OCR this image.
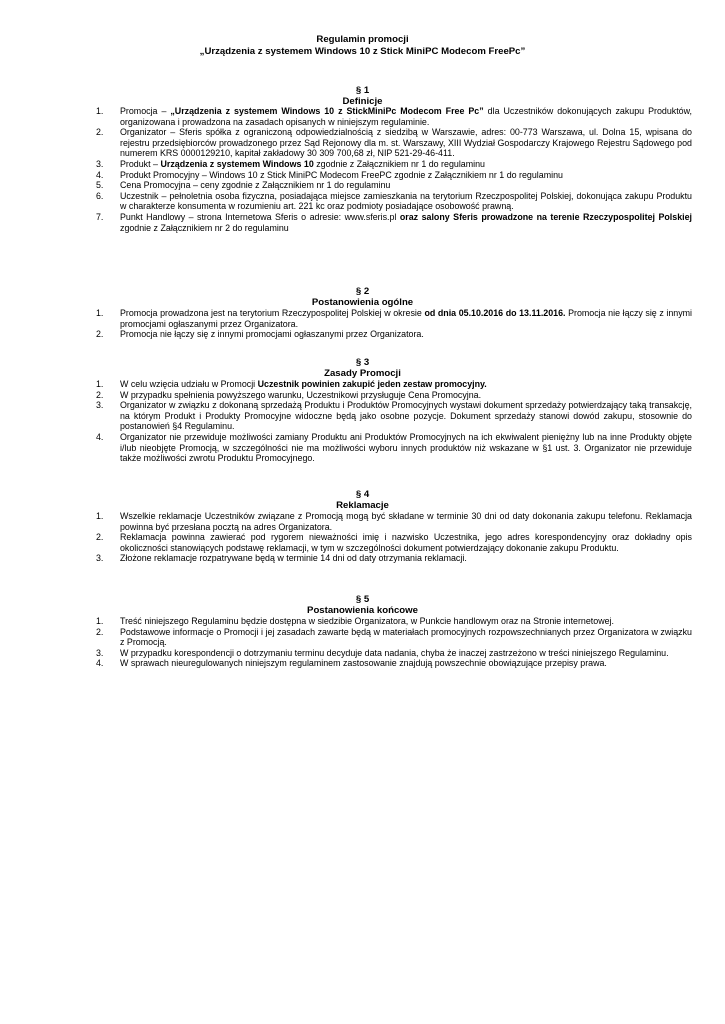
Regulamin promocji
„Urządzenia z systemem Windows 10 z Stick MiniPC Modecom FreePc”
§ 1
Definicje
1. Promocja – „Urządzenia z systemem Windows 10 z StickMiniPc Modecom Free Pc” dla Uczestników dokonujących zakupu Produktów, organizowana i prowadzona na zasadach opisanych w niniejszym regulaminie.
2. Organizator – Sferis spółka z ograniczoną odpowiedzialnością z siedzibą w Warszawie, adres: 00-773 Warszawa, ul. Dolna 15, wpisana do rejestru przedsiębiorców prowadzonego przez Sąd Rejonowy dla m. st. Warszawy, XIII Wydział Gospodarczy Krajowego Rejestru Sądowego pod numerem KRS 0000129210, kapitał zakładowy 30 309 700,68 zł, NIP 521-29-46-411.
3. Produkt – Urządzenia z systemem Windows 10 zgodnie z Załącznikiem nr 1 do regulaminu
4. Produkt Promocyjny – Windows 10 z Stick MiniPC Modecom FreePC zgodnie z Załącznikiem nr 1 do regulaminu
5. Cena Promocyjna – ceny zgodnie z Załącznikiem nr 1 do regulaminu
6. Uczestnik – pełnoletnia osoba fizyczna, posiadająca miejsce zamieszkania na terytorium Rzeczpospolitej Polskiej, dokonująca zakupu Produktu w charakterze konsumenta w rozumieniu art. 221 kc oraz podmioty posiadające osobowość prawną.
7. Punkt Handlowy – strona Internetowa Sferis o adresie: www.sferis.pl oraz salony Sferis prowadzone na terenie Rzeczypospolitej Polskiej zgodnie z Załącznikiem nr 2 do regulaminu
§ 2
Postanowienia ogólne
1. Promocja prowadzona jest na terytorium Rzeczypospolitej Polskiej w okresie od dnia 05.10.2016 do 13.11.2016. Promocja nie łączy się z innymi promocjami ogłaszanymi przez Organizatora.
2. Promocja nie łączy się z innymi promocjami ogłaszanymi przez Organizatora.
§ 3
Zasady Promocji
1. W celu wzięcia udziału w Promocji Uczestnik powinien zakupić jeden zestaw promocyjny.
2. W przypadku spełnienia powyższego warunku, Uczestnikowi przysługuje Cena Promocyjna.
3. Organizator w związku z dokonaną sprzedażą Produktu i Produktów Promocyjnych wystawi dokument sprzedaży potwierdzający taką transakcję, na którym Produkt i Produkty Promocyjne widoczne będą jako osobne pozycje. Dokument sprzedaży stanowi dowód zakupu, stosownie do postanowień §4 Regulaminu.
4. Organizator nie przewiduje możliwości zamiany Produktu ani Produktów Promocyjnych na ich ekwiwalent pieniężny lub na inne Produkty objęte i/lub nieobjęte Promocją, w szczególności nie ma możliwości wyboru innych produktów niż wskazane w §1 ust. 3. Organizator nie przewiduje także możliwości zwrotu Produktu Promocyjnego.
§ 4
Reklamacje
1. Wszelkie reklamacje Uczestników związane z Promocją mogą być składane w terminie 30 dni od daty dokonania zakupu telefonu. Reklamacja powinna być przesłana pocztą na adres Organizatora.
2. Reklamacja powinna zawierać pod rygorem nieważności imię i nazwisko Uczestnika, jego adres korespondencyjny oraz dokładny opis okoliczności stanowiących podstawę reklamacji, w tym w szczególności dokument potwierdzający dokonanie zakupu Produktu.
3. Złożone reklamacje rozpatrywane będą w terminie 14 dni od daty otrzymania reklamacji.
§ 5
Postanowienia końcowe
1. Treść niniejszego Regulaminu będzie dostępna w siedzibie Organizatora, w Punkcie handlowym oraz na Stronie internetowej.
2. Podstawowe informacje o Promocji i jej zasadach zawarte będą w materiałach promocyjnych rozpowszechnianych przez Organizatora w związku z Promocją.
3. W przypadku korespondencji o dotrzymaniu terminu decyduje data nadania, chyba że inaczej zastrzeżono w treści niniejszego Regulaminu.
4. W sprawach nieuregulowanych niniejszym regulaminem zastosowanie znajdują powszechnie obowiązujące przepisy prawa.
